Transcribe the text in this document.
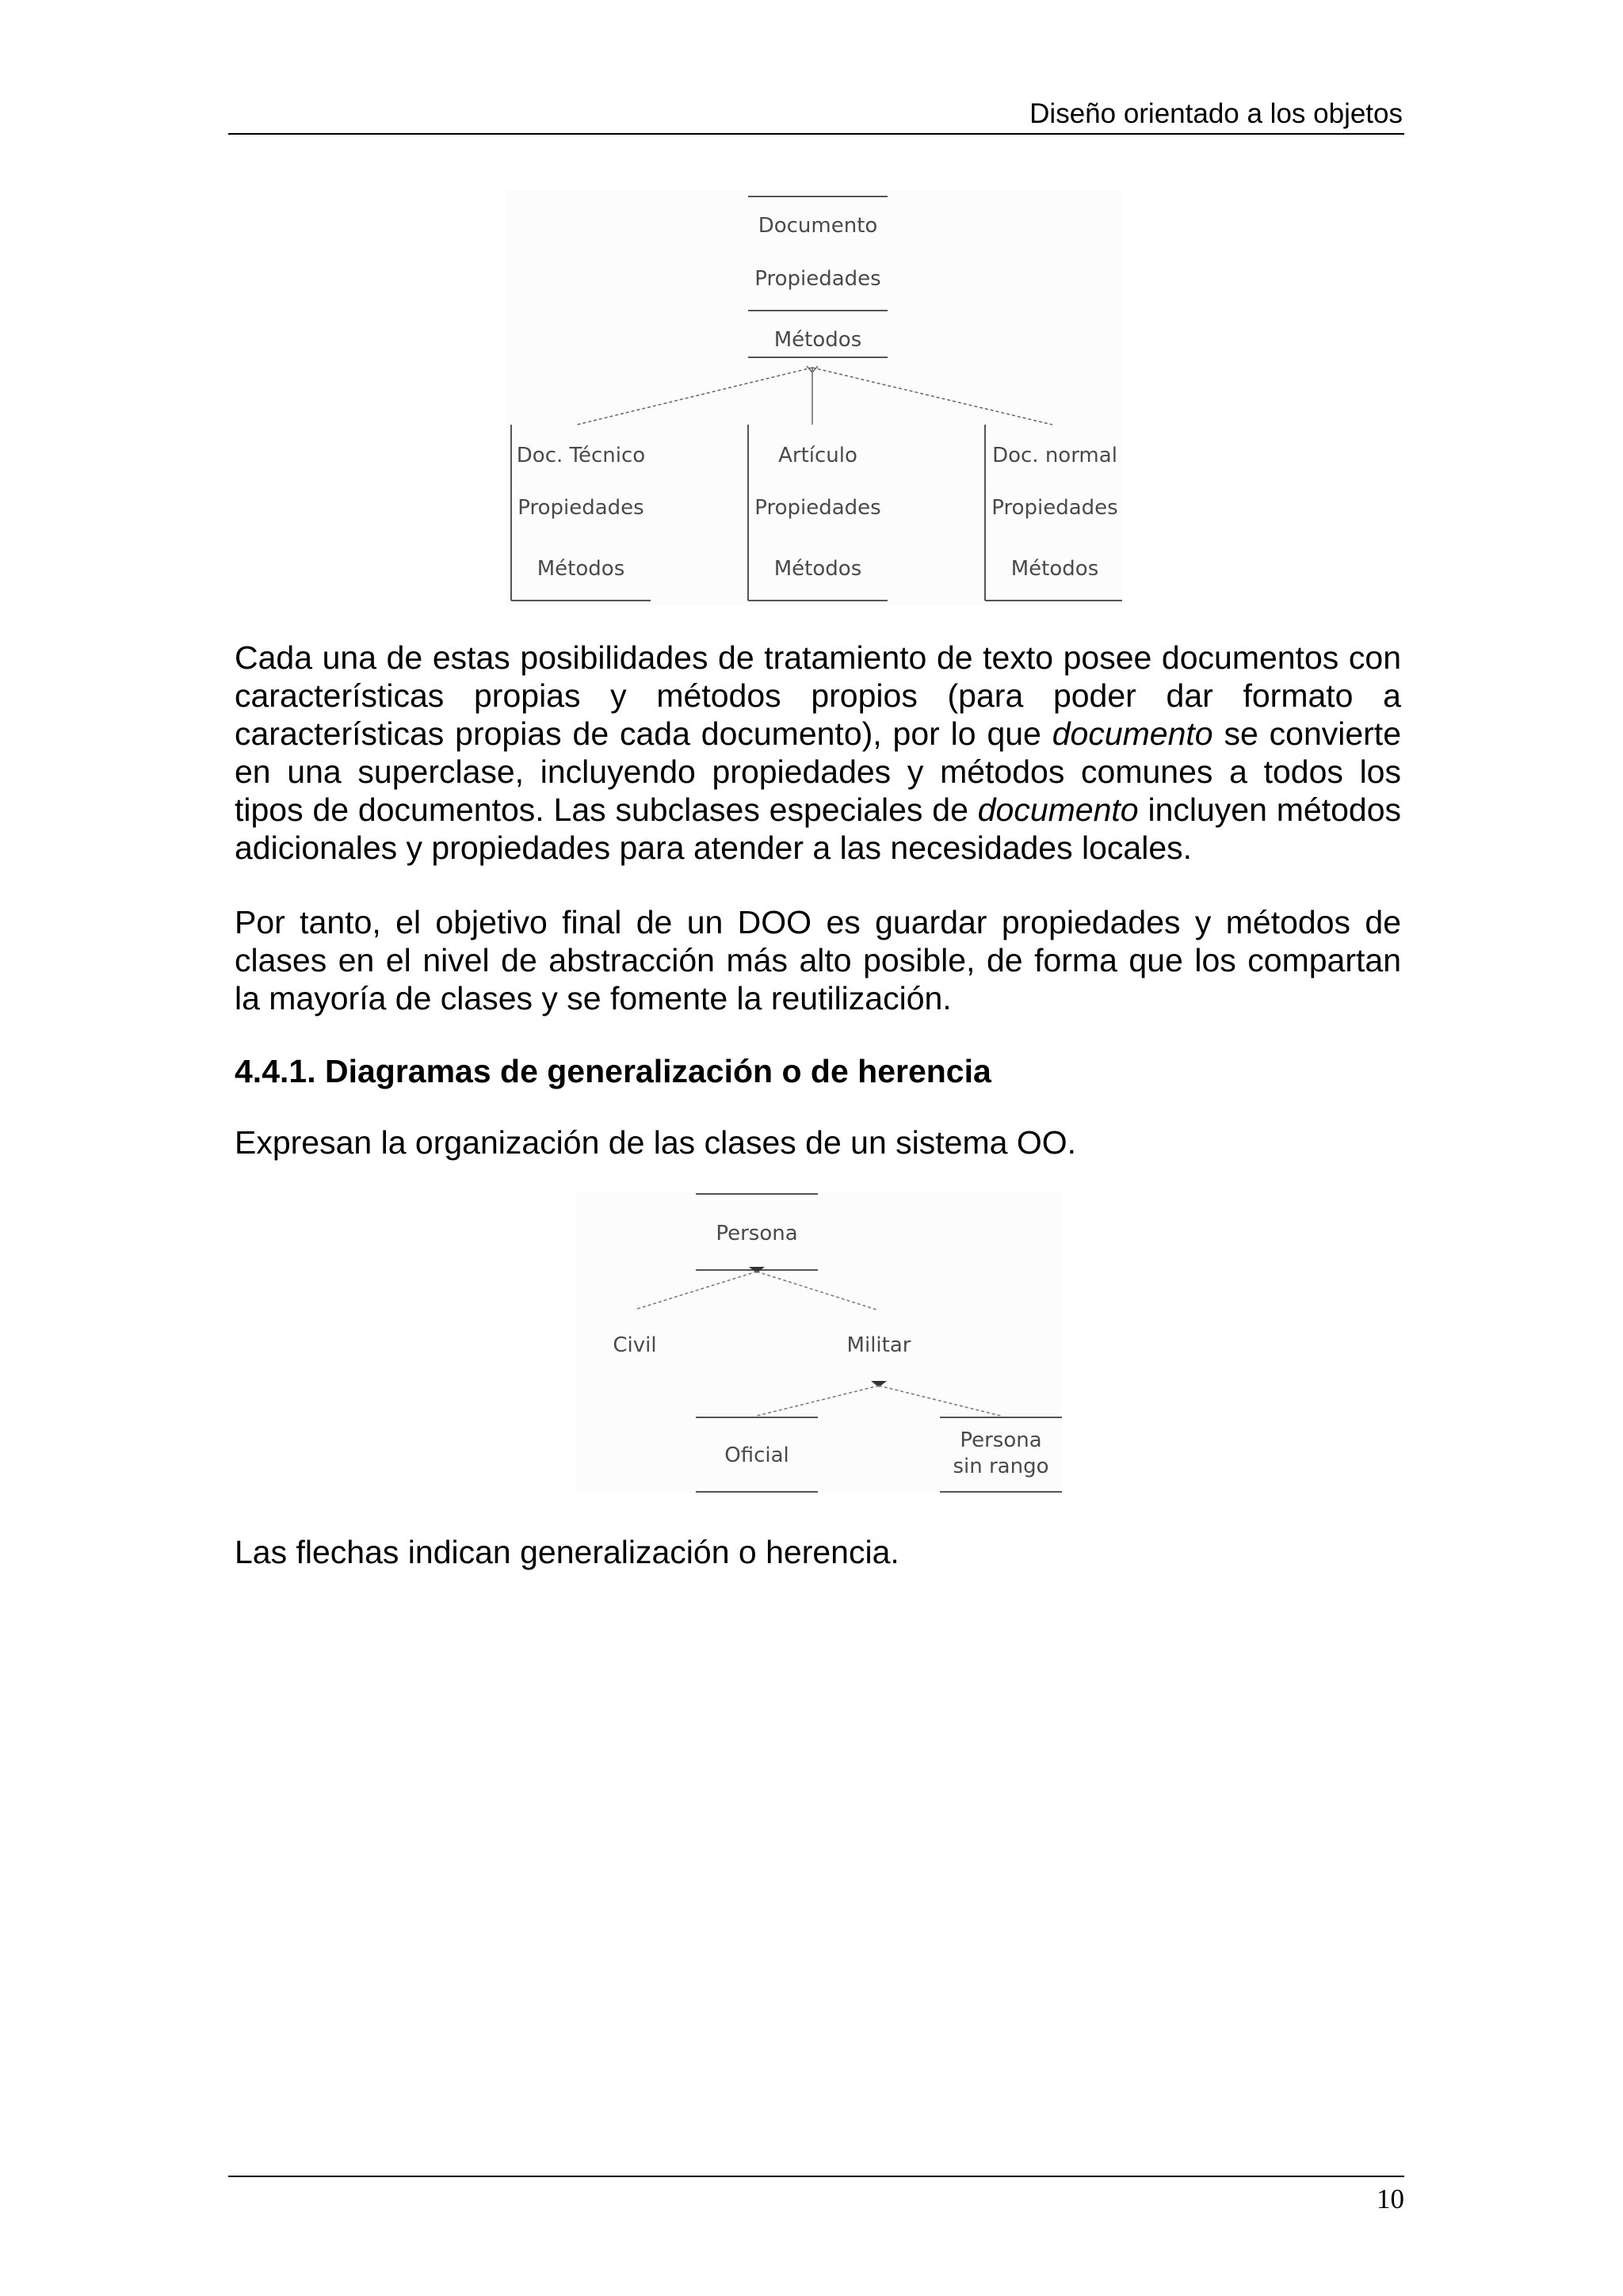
Diseño orientado a los objetos
Documento
Propiedades
Métodos
Doc. Técnico
Propiedades
Métodos
Artículo
Propiedades
Métodos
Doc. normal
Propiedades
Métodos

Cada una de estas posibilidades de tratamiento de texto posee documentos con características propias y métodos propios (para poder dar formato a características propias de cada documento), por lo que documento se convierte en una superclase, incluyendo propiedades y métodos comunes a todos los tipos de documentos. Las subclases especiales de documento incluyen métodos adicionales y propiedades para atender a las necesidades locales.

Por tanto, el objetivo final de un DOO es guardar propiedades y métodos de clases en el nivel de abstracción más alto posible, de forma que los compartan la mayoría de clases y se fomente la reutilización.

4.4.1. Diagramas de generalización o de herencia

Expresan la organización de las clases de un sistema OO.

Persona
Civil	Militar
Oficial
Persona
sin rango

Las flechas indican generalización o herencia.

10
